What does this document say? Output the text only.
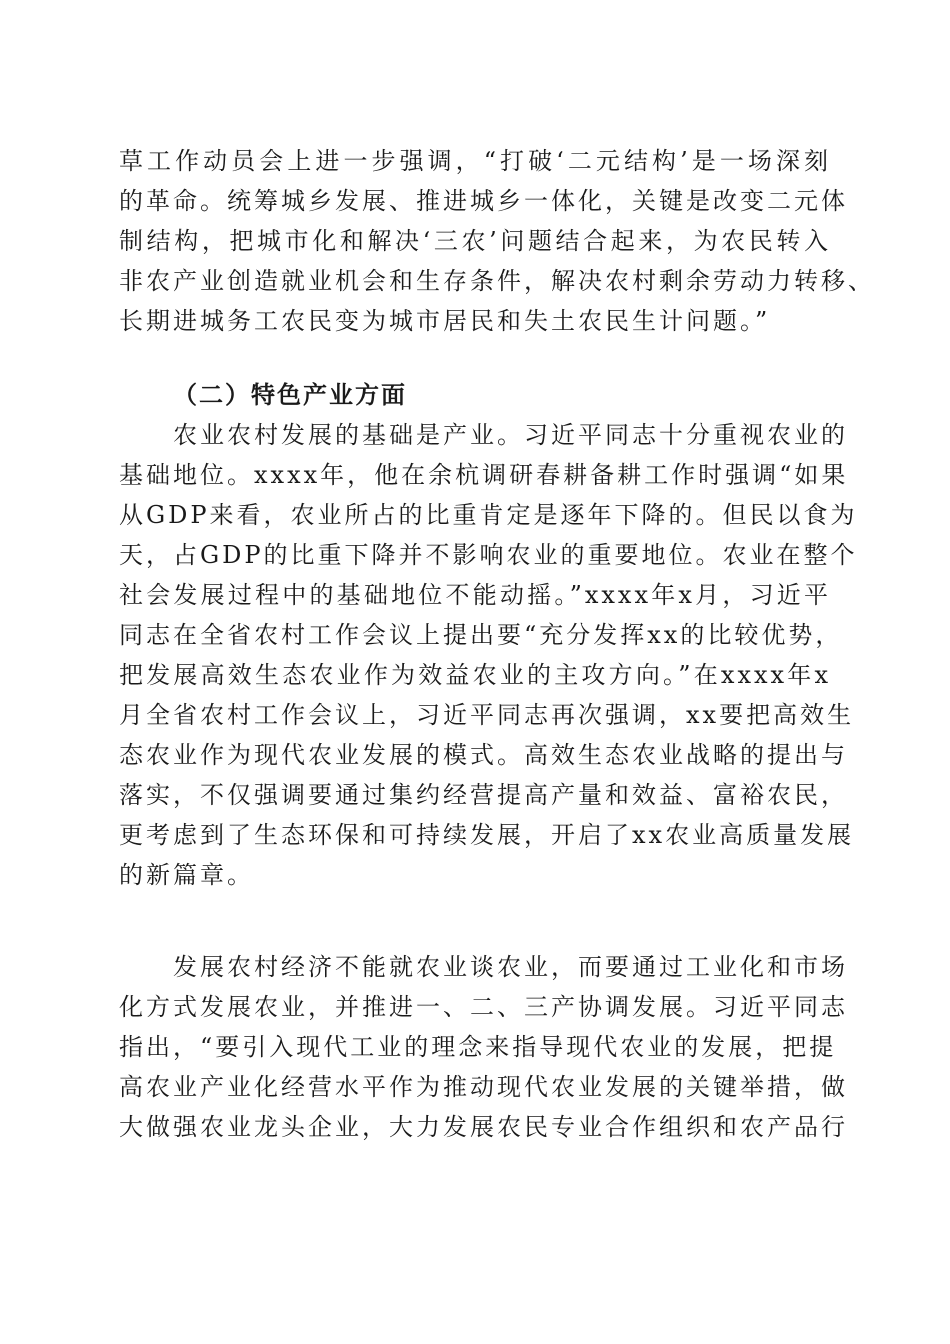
草工作动员会上进一步强调，“打破‘二元结构’是一场深刻
的革命。统筹城乡发展、推进城乡一体化，关键是改变二元体
制结构，把城市化和解决‘三农’问题结合起来，为农民转入
非农产业创造就业机会和生存条件，解决农村剩余劳动力转移、
长期进城务工农民变为城市居民和失土农民生计问题。”
（二）特色产业方面
　　农业农村发展的基础是产业。习近平同志十分重视农业的
基础地位。xxxx年，他在余杭调研春耕备耕工作时强调“如果
从GDP来看，农业所占的比重肯定是逐年下降的。但民以食为
天，占GDP的比重下降并不影响农业的重要地位。农业在整个
社会发展过程中的基础地位不能动摇。”xxxx年x月，习近平
同志在全省农村工作会议上提出要“充分发挥xx的比较优势，
把发展高效生态农业作为效益农业的主攻方向。”在xxxx年x
月全省农村工作会议上，习近平同志再次强调，xx要把高效生
态农业作为现代农业发展的模式。高效生态农业战略的提出与
落实，不仅强调要通过集约经营提高产量和效益、富裕农民，
更考虑到了生态环保和可持续发展，开启了xx农业高质量发展
的新篇章。
　　发展农村经济不能就农业谈农业，而要通过工业化和市场
化方式发展农业，并推进一、二、三产协调发展。习近平同志
指出，“要引入现代工业的理念来指导现代农业的发展，把提
高农业产业化经营水平作为推动现代农业发展的关键举措，做
大做强农业龙头企业，大力发展农民专业合作组织和农产品行
